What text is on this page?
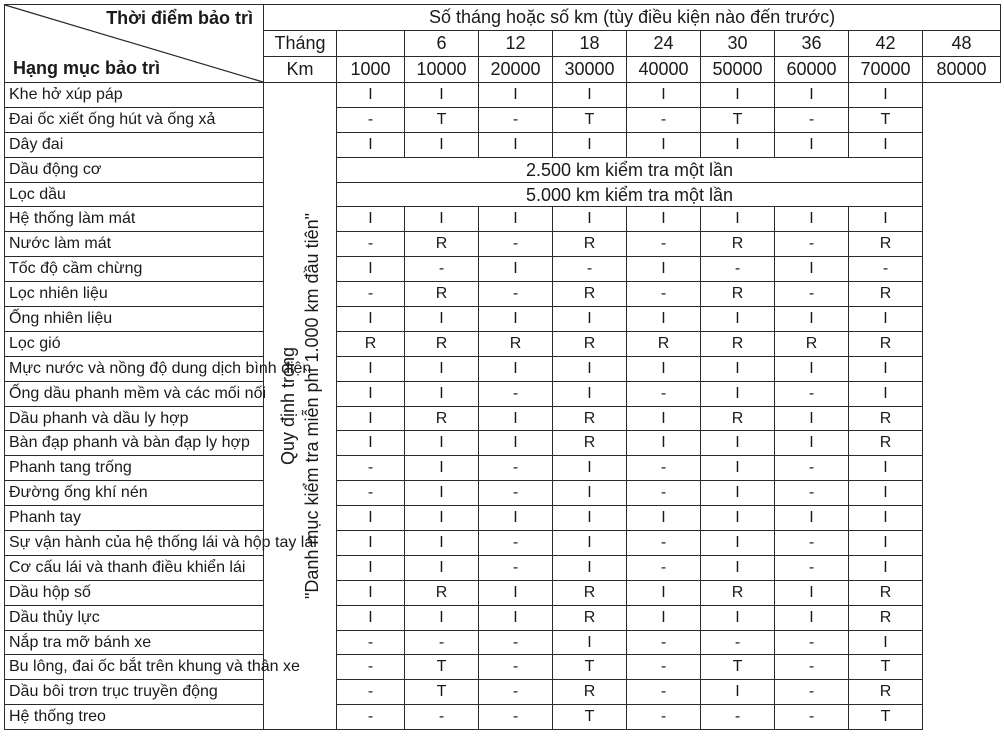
Thời điểm bảo trì
Hạng mục bảo trì	Số tháng hoặc số km (tùy điều kiện nào đến trước)									
	Tháng		6	12	18	24	30	36	42	48
	Km	1000	10000	20000	30000	40000	50000	60000	70000	80000
Khe hở xúp páp	Quy định trong "Danh mục kiểm tra miễn phí 1.000 km đầu tiên"	I	I	I	I	I	I	I	I	
Đai ốc xiết ống hút và ống xả		-	T	-	T	-	T	-	T	
Dây đai		I	I	I	I	I	I	I	I	
Dầu động cơ		2.500 km kiểm tra một lần								
Lọc dầu		5.000 km kiểm tra một lần								
Hệ thống làm mát		I	I	I	I	I	I	I	I	
Nước làm mát		-	R	-	R	-	R	-	R	
Tốc độ cầm chừng		I	-	I	-	I	-	I	-	
Lọc nhiên liệu		-	R	-	R	-	R	-	R	
Ống nhiên liệu		I	I	I	I	I	I	I	I	
Lọc gió		R	R	R	R	R	R	R	R	
Mực nước và nồng độ dung dịch bình điện		I	I	I	I	I	I	I	I	
Ống dầu phanh mềm và các mối nối		I	I	-	I	-	I	-	I	
Dầu phanh và dầu ly hợp		I	R	I	R	I	R	I	R	
Bàn đạp phanh và bàn đạp ly hợp		I	I	I	R	I	I	I	R	
Phanh tang trống		-	I	-	I	-	I	-	I	
Đường ống khí nén		-	I	-	I	-	I	-	I	
Phanh tay		I	I	I	I	I	I	I	I	
Sự vận hành của hệ thống lái và hộp tay lái		I	I	-	I	-	I	-	I	
Cơ cấu lái và thanh điều khiển lái		I	I	-	I	-	I	-	I	
Dầu hộp số		I	R	I	R	I	R	I	R	
Dầu thủy lực		I	I	I	R	I	I	I	R	
Nắp tra mỡ bánh xe		-	-	-	I	-	-	-	I	
Bu lông, đai ốc bắt trên khung và thân xe		-	T	-	T	-	T	-	T	
Dầu bôi trơn trục truyền động		-	T	-	R	-	I	-	R	
Hệ thống treo		-	-	-	T	-	-	-	T	
